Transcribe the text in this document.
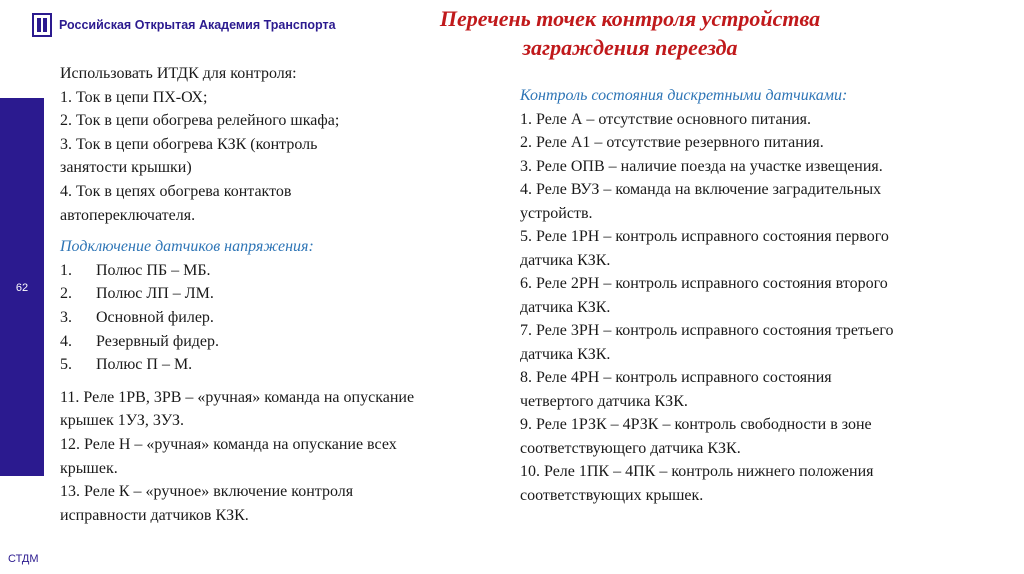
62
СТДМ
Российская Открытая Академия Транспорта	Перечень точек контроля устройства
заграждения переезда

Использовать ИТДК для контроля:

1. Ток в цепи ПХ-ОХ;

2. Ток в цепи обогрева релейного шкафа;

3. Ток в цепи обогрева КЗК (контроль

занятости крышки)

4. Ток в цепях обогрева контактов

автопереключателя.

Подключение датчиков напряжения:

1.	Полюс ПБ – МБ.
2.	Полюс ЛП – ЛМ.
3.	Основной филер.
4.	Резервный фидер.
5.	Полюс П – М.

11. Реле 1РВ, 3РВ – «ручная» команда на опускание

крышек 1УЗ, 3УЗ.

12. Реле Н – «ручная» команда на опускание всех

крышек.

13. Реле К – «ручное» включение контроля

исправности датчиков КЗК.

Контроль состояния дискретными датчиками:

1. Реле А – отсутствие основного питания.

2. Реле А1 – отсутствие резервного питания.

3. Реле ОПВ – наличие поезда на участке извещения.

4. Реле ВУЗ – команда на включение заградительных

устройств.

5. Реле 1РН – контроль исправного состояния первого

датчика КЗК.

6. Реле 2РН – контроль исправного состояния второго

датчика КЗК.

7. Реле 3РН – контроль исправного состояния третьего

датчика КЗК.

8. Реле 4РН – контроль исправного состояния

четвертого датчика КЗК.

9. Реле 1РЗК – 4РЗК – контроль свободности в зоне

соответствующего датчика КЗК.

10. Реле 1ПК – 4ПК – контроль нижнего положения

соответствующих крышек.
